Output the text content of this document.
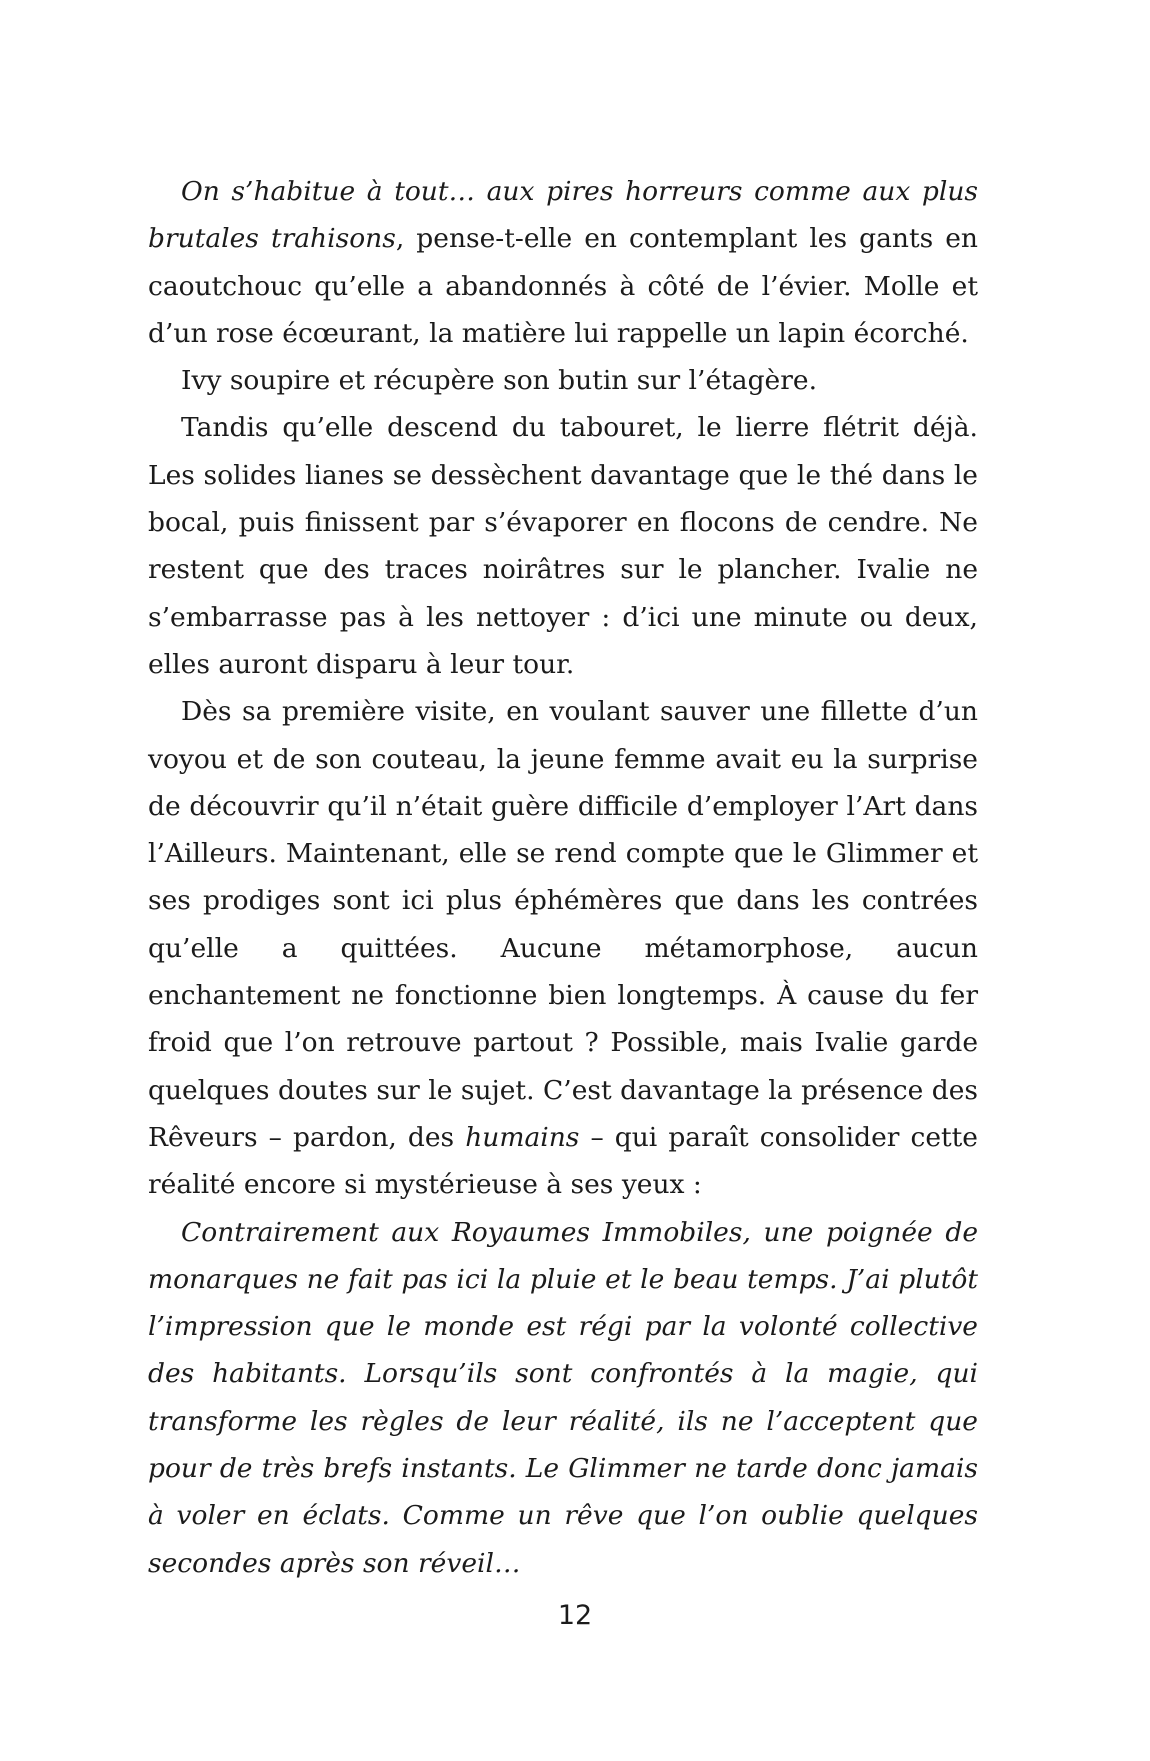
On s’habitue à tout… aux pires horreurs comme aux plus brutales trahisons, pense-t-elle en contemplant les gants en caoutchouc qu’elle a abandonnés à côté de l’évier. Molle et d’un rose écœurant, la matière lui rappelle un lapin écorché.

Ivy soupire et récupère son butin sur l’étagère.

Tandis qu’elle descend du tabouret, le lierre flétrit déjà. Les solides lianes se dessèchent davantage que le thé dans le bocal, puis finissent par s’évaporer en flocons de cendre. Ne restent que des traces noirâtres sur le plancher. Ivalie ne s’embarrasse pas à les nettoyer : d’ici une minute ou deux, elles auront disparu à leur tour.

Dès sa première visite, en voulant sauver une fillette d’un voyou et de son couteau, la jeune femme avait eu la surprise de découvrir qu’il n’était guère difficile d’employer l’Art dans l’Ailleurs. Maintenant, elle se rend compte que le Glimmer et ses prodiges sont ici plus éphémères que dans les contrées qu’elle a quittées. Aucune métamorphose, aucun enchantement ne fonctionne bien longtemps. À cause du fer froid que l’on retrouve partout ? Possible, mais Ivalie garde quelques doutes sur le sujet. C’est davantage la présence des Rêveurs – pardon, des humains – qui paraît consolider cette réalité encore si mystérieuse à ses yeux :

Contrairement aux Royaumes Immobiles, une poignée de monarques ne fait pas ici la pluie et le beau temps. J’ai plutôt l’impression que le monde est régi par la volonté collective des habitants. Lorsqu’ils sont confrontés à la magie, qui transforme les règles de leur réalité, ils ne l’acceptent que pour de très brefs instants. Le Glimmer ne tarde donc jamais à voler en éclats. Comme un rêve que l’on oublie quelques secondes après son réveil…

12
